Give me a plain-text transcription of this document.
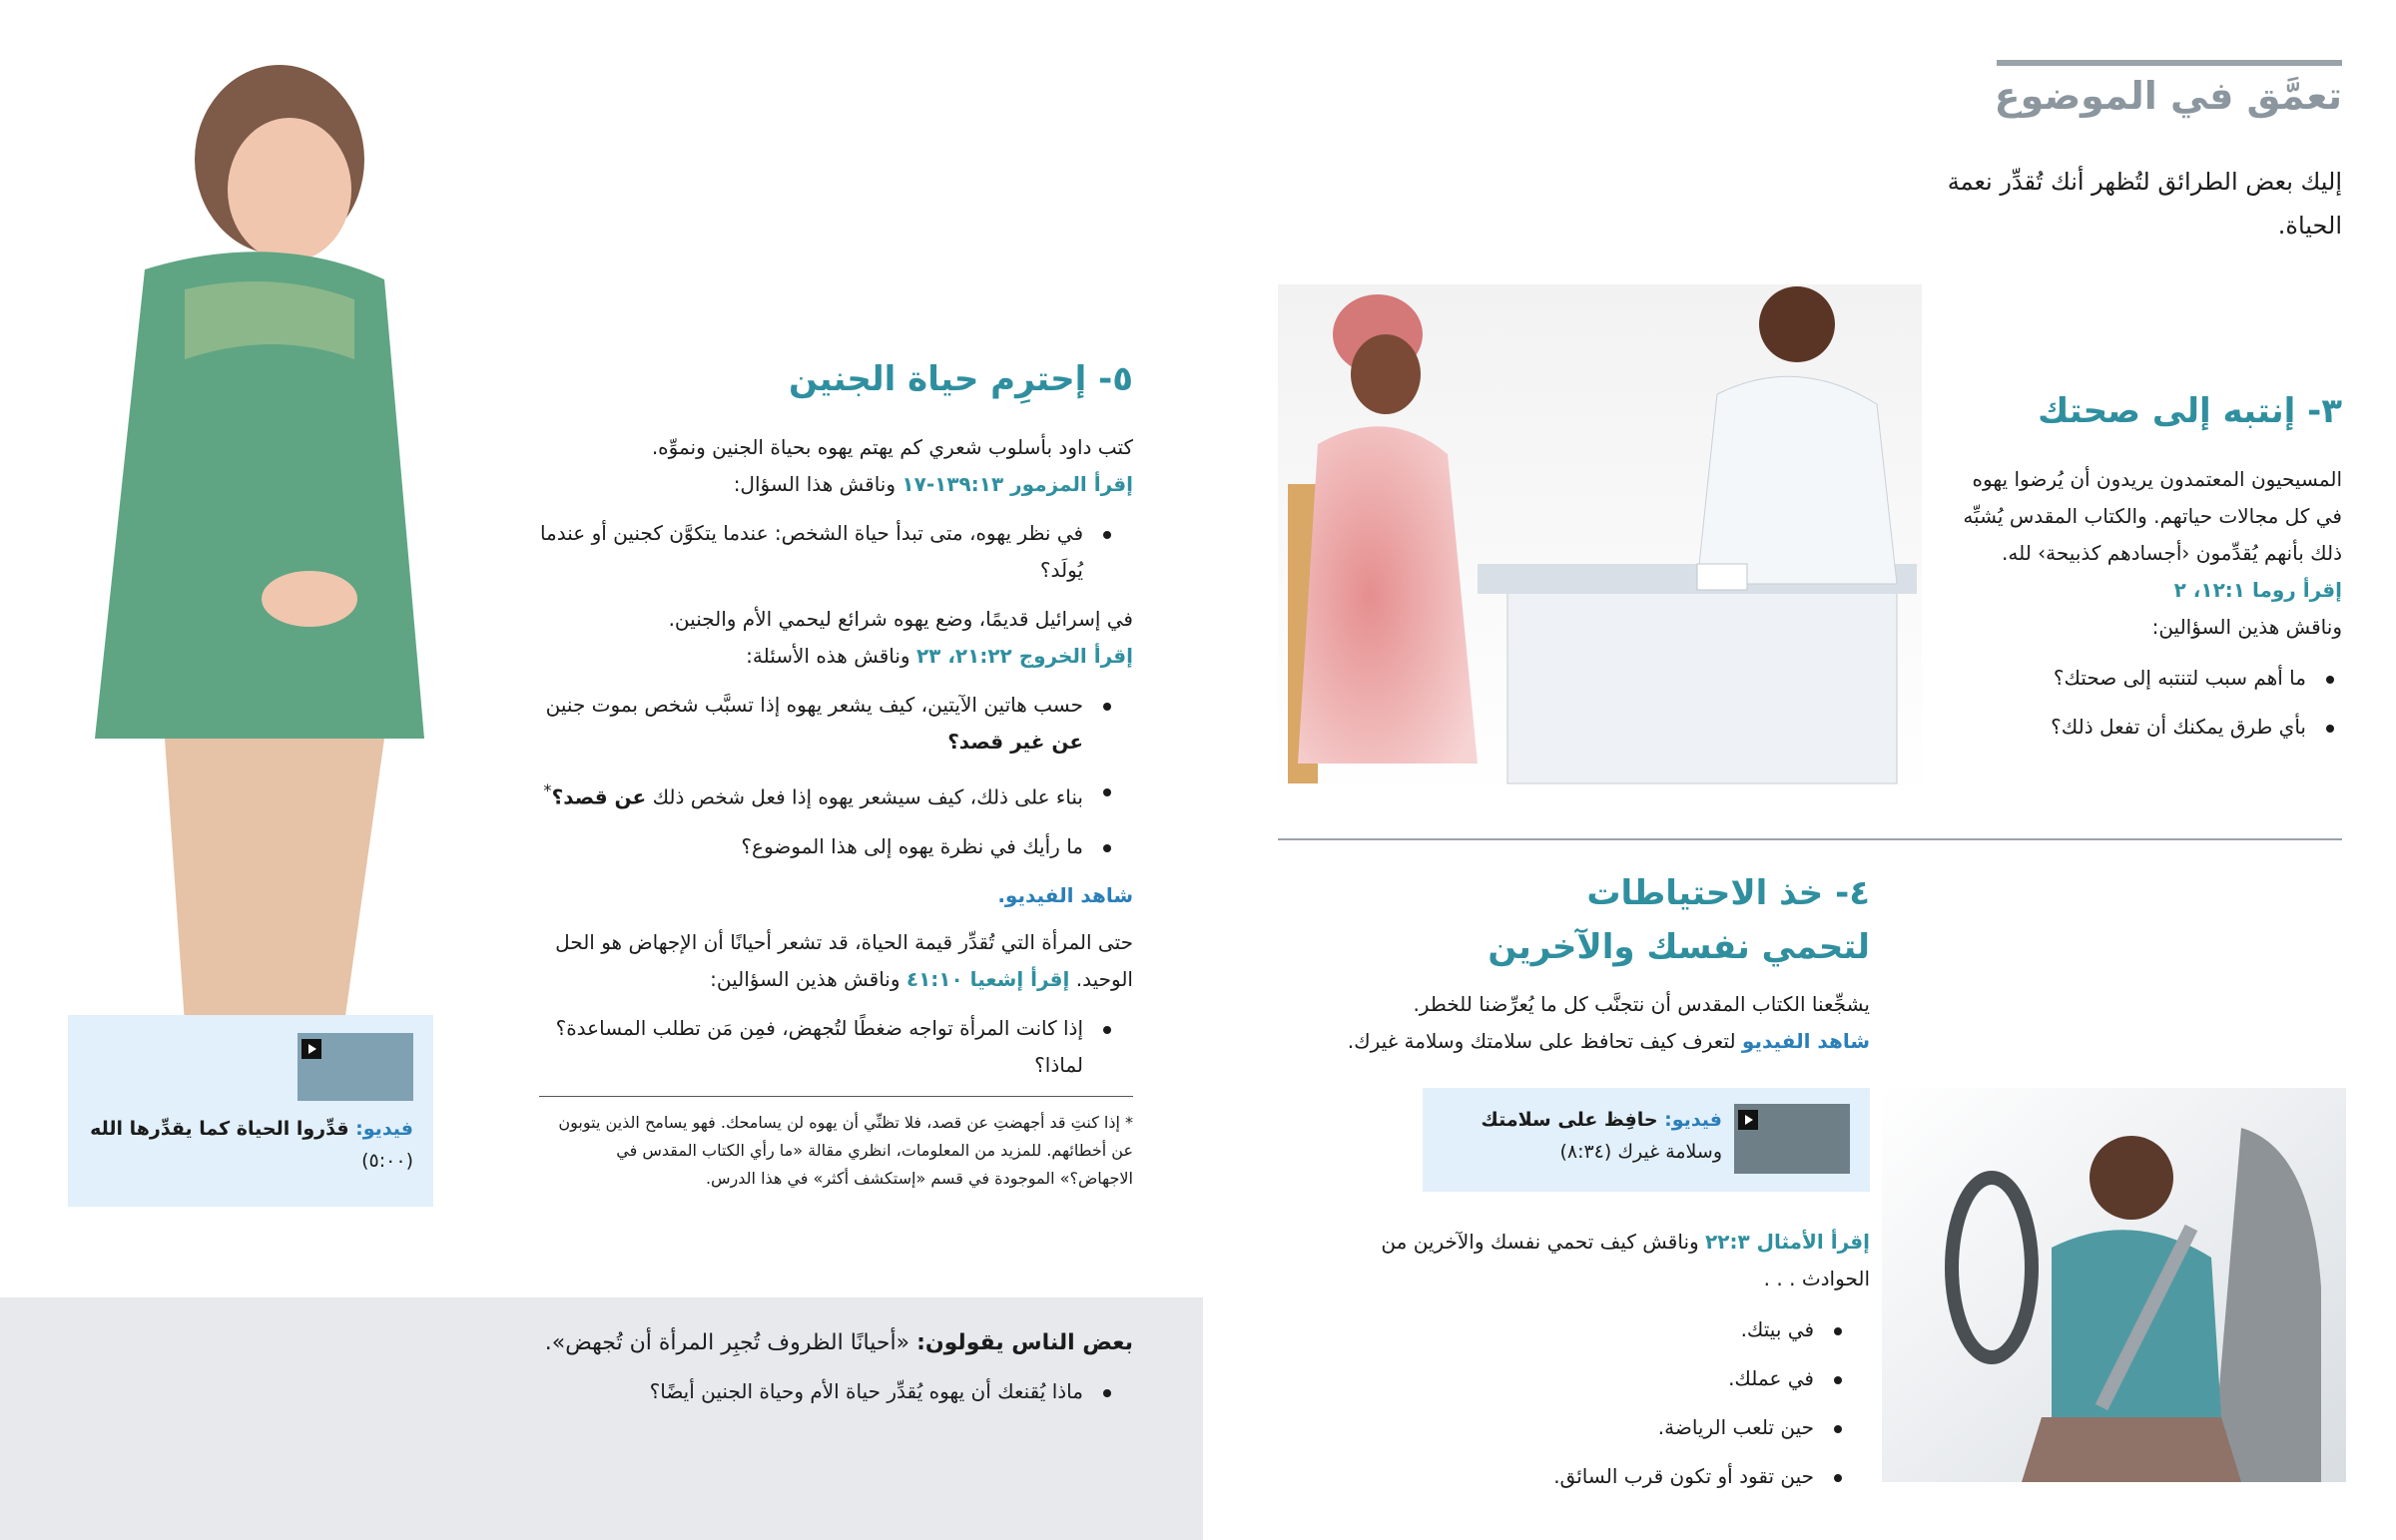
تعمَّق في الموضوع
إليك بعض الطرائق لتُظهر أنك تُقدِّر نعمة الحياة.
٣- إنتبه إلى صحتك
المسيحيون المعتمدون يريدون أن يُرضوا يهوه في كل مجالات حياتهم. والكتاب المقدس يُشبِّه ذلك بأنهم يُقدِّمون ‹أجسادهم كذبيحة› لله.
إقرأ روما ١٢:١، ٢
وناقش هذين السؤالين:
ما أهم سبب لتنتبه إلى صحتك؟
بأي طرق يمكنك أن تفعل ذلك؟
٤- خذ الاحتياطات
لتحمي نفسك والآخرين
يشجِّعنا الكتاب المقدس أن نتجنَّب كل ما يُعرِّضنا للخطر.
شاهد الفيديو لتعرف كيف تحافظ على سلامتك وسلامة غيرك.
فيديو: حافِظ على سلامتك
وسلامة غيرك (٨:٣٤)
إقرأ الأمثال ٢٢:٣ وناقش كيف تحمي نفسك والآخرين من الحوادث . . .
في بيتك.
في عملك.
حين تلعب الرياضة.
حين تقود أو تكون قرب السائق.
فيديو: قدِّروا الحياة كما يقدِّرها الله
(٥:٠٠)
٥- إحترِم حياة الجنين
كتب داود بأسلوب شعري كم يهتم يهوه بحياة الجنين ونموِّه.
إقرأ المزمور ١٣٩:١٣-١٧ وناقش هذا السؤال:
في نظر يهوه، متى تبدأ حياة الشخص: عندما يتكوَّن كجنين أو عندما يُولَد؟
في إسرائيل قديمًا، وضع يهوه شرائع ليحمي الأم والجنين.
إقرأ الخروج ٢١:٢٢، ٢٣ وناقش هذه الأسئلة:
حسب هاتين الآيتين، كيف يشعر يهوه إذا تسبَّب شخص بموت جنين عن غير قصد؟
بناء على ذلك، كيف سيشعر يهوه إذا فعل شخص ذلك عن قصد؟*
ما رأيك في نظرة يهوه إلى هذا الموضوع؟
شاهد الفيديو.
حتى المرأة التي تُقدِّر قيمة الحياة، قد تشعر أحيانًا أن الإجهاض هو الحل الوحيد. إقرأ إشعيا ٤١:١٠ وناقش هذين السؤالين:
إذا كانت المرأة تواجه ضغطًا لتُجهض، فمِن مَن تطلب المساعدة؟ لماذا؟
* إذا كنتِ قد أجهضتِ عن قصد، فلا تظنِّي أن يهوه لن يسامحك. فهو يسامح الذين يتوبون عن أخطائهم. للمزيد من المعلومات، انظري مقالة «ما رأي الكتاب المقدس في الاجهاض؟» الموجودة في قسم «إستكشف أكثر» في هذا الدرس.
بعض الناس يقولون: «أحيانًا الظروف تُجبِر المرأة أن تُجهض».
ماذا يُقنعك أن يهوه يُقدِّر حياة الأم وحياة الجنين أيضًا؟
